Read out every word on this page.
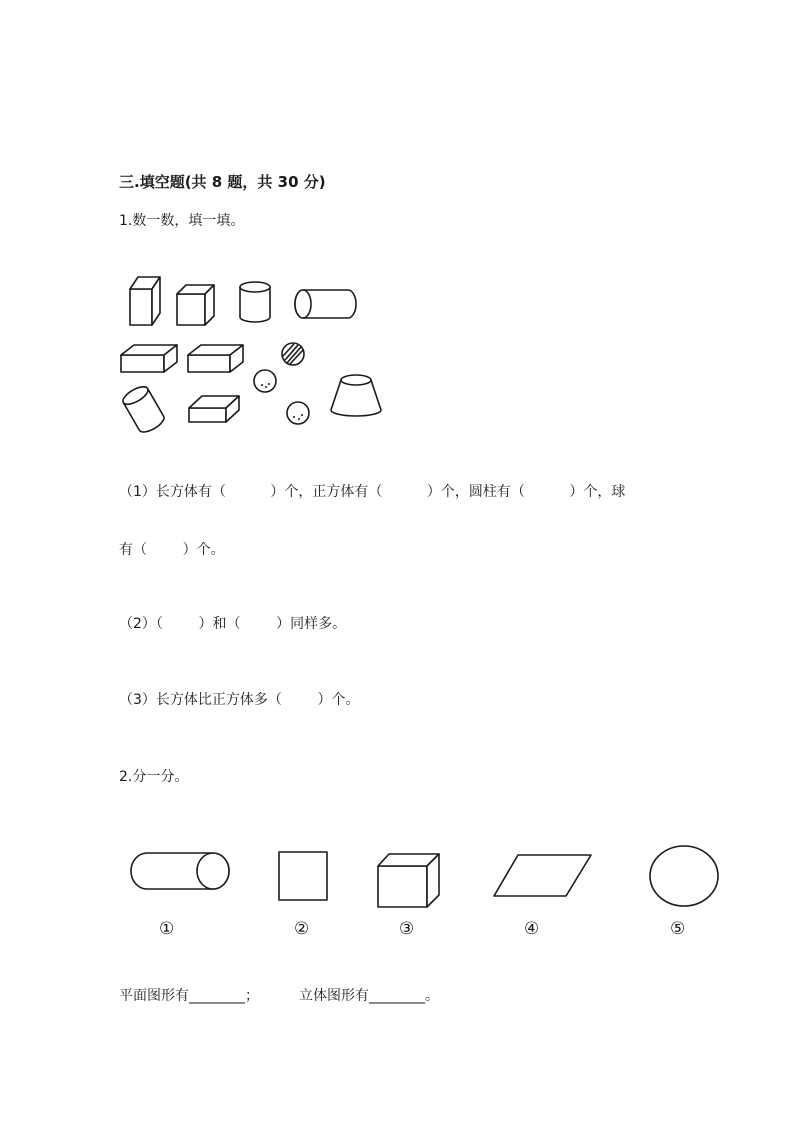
三.填空题(共 8 题，共 30 分)
1.数一数，填一填。
（1）长方体有（          ）个，正方体有（          ）个，圆柱有（          ）个，球
有（        ）个。
（2）（        ）和（        ）同样多。
（3）长方体比正方体多（        ）个。
2.分一分。
①	②	③	④	⑤
平面图形有________；         立体图形有________。
